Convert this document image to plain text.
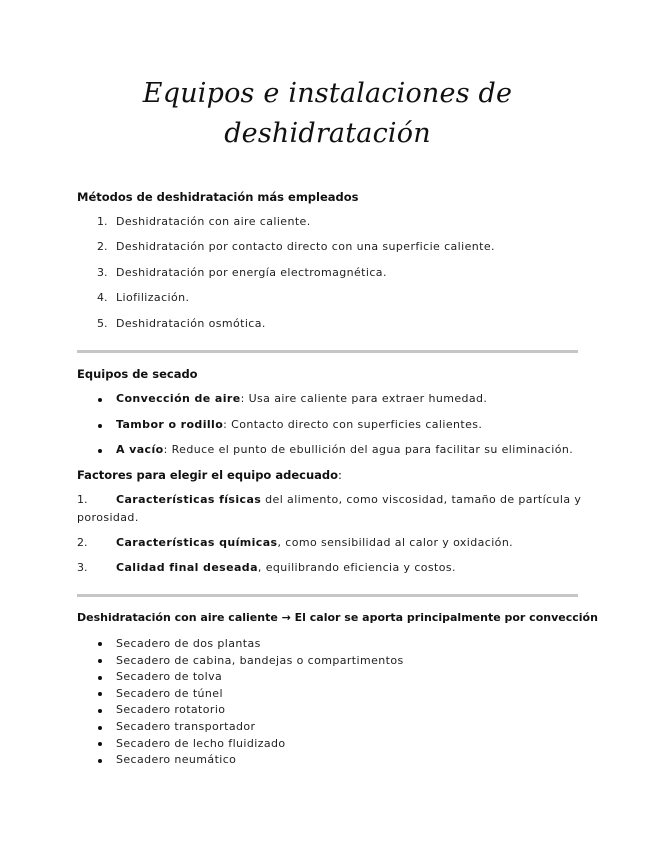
Equipos e instalaciones de
deshidratación
Métodos de deshidratación más empleados
1. Deshidratación con aire caliente.
2. Deshidratación por contacto directo con una superficie caliente.
3. Deshidratación por energía electromagnética.
4. Liofilización.
5. Deshidratación osmótica.
Equipos de secado
Convección de aire: Usa aire caliente para extraer humedad.
Tambor o rodillo: Contacto directo con superficies calientes.
A vacío: Reduce el punto de ebullición del agua para facilitar su eliminación.
Factores para elegir el equipo adecuado:
1.	Características físicas del alimento, como viscosidad, tamaño de partícula y
porosidad.
2.	Características químicas, como sensibilidad al calor y oxidación.
3.	Calidad final deseada, equilibrando eficiencia y costos.
Deshidratación con aire caliente → El calor se aporta principalmente por convección
Secadero de dos plantas
Secadero de cabina, bandejas o compartimentos
Secadero de tolva
Secadero de túnel
Secadero rotatorio
Secadero transportador
Secadero de lecho fluidizado
Secadero neumático
